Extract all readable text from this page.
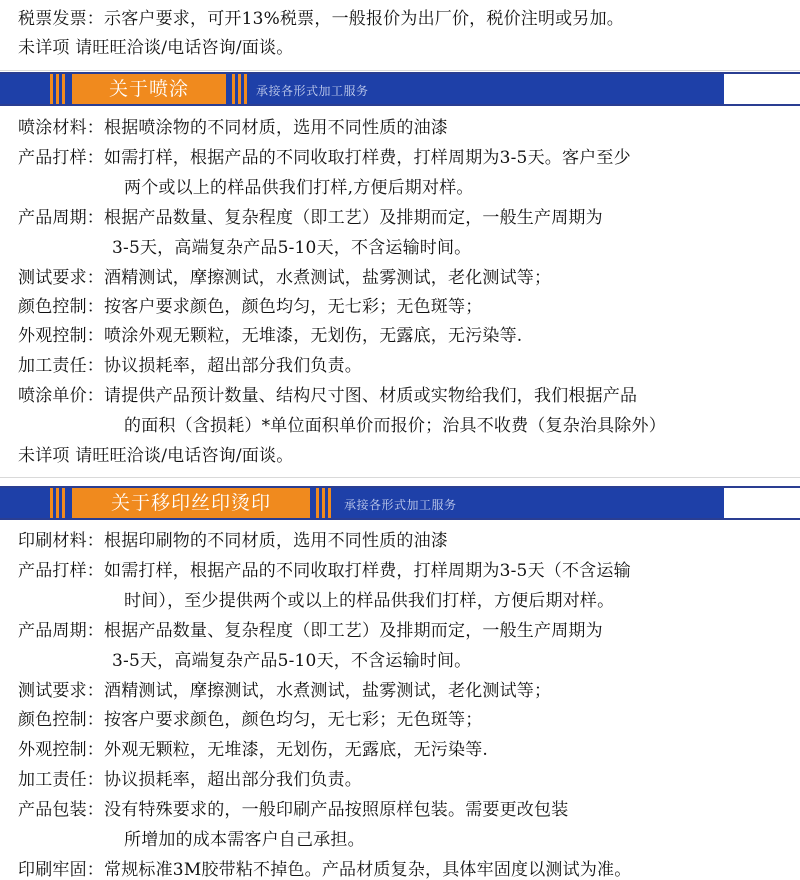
税票发票：示客户要求，可开13%税票，一般报价为出厂价，税价注明或另加。
未详项 请旺旺洽谈/电话咨询/面谈。
关于喷涂	承接各形式加工服务
喷涂材料：根据喷涂物的不同材质，选用不同性质的油漆
产品打样：如需打样，根据产品的不同收取打样费，打样周期为3-5天。客户至少
两个或以上的样品供我们打样,方便后期对样。
产品周期：根据产品数量、复杂程度（即工艺）及排期而定，一般生产周期为
3-5天，高端复杂产品5-10天，不含运输时间。
测试要求：酒精测试，摩擦测试，水煮测试，盐雾测试，老化测试等；
颜色控制：按客户要求颜色，颜色均匀，无七彩；无色斑等；
外观控制：喷涂外观无颗粒，无堆漆，无划伤，无露底，无污染等.
加工责任：协议损耗率，超出部分我们负责。
喷涂单价：请提供产品预计数量、结构尺寸图、材质或实物给我们，我们根据产品
的面积（含损耗）*单位面积单价而报价；治具不收费（复杂治具除外）
未详项 请旺旺洽谈/电话咨询/面谈。
关于移印丝印烫印	承接各形式加工服务
印刷材料：根据印刷物的不同材质，选用不同性质的油漆
产品打样：如需打样，根据产品的不同收取打样费，打样周期为3-5天（不含运输
时间），至少提供两个或以上的样品供我们打样，方便后期对样。
产品周期：根据产品数量、复杂程度（即工艺）及排期而定，一般生产周期为
3-5天，高端复杂产品5-10天，不含运输时间。
测试要求：酒精测试，摩擦测试，水煮测试，盐雾测试，老化测试等；
颜色控制：按客户要求颜色，颜色均匀，无七彩；无色斑等；
外观控制：外观无颗粒，无堆漆，无划伤，无露底，无污染等.
加工责任：协议损耗率，超出部分我们负责。
产品包装：没有特殊要求的，一般印刷产品按照原样包装。需要更改包装
所增加的成本需客户自己承担。
印刷牢固：常规标准3M胶带粘不掉色。产品材质复杂，具体牢固度以测试为准。
